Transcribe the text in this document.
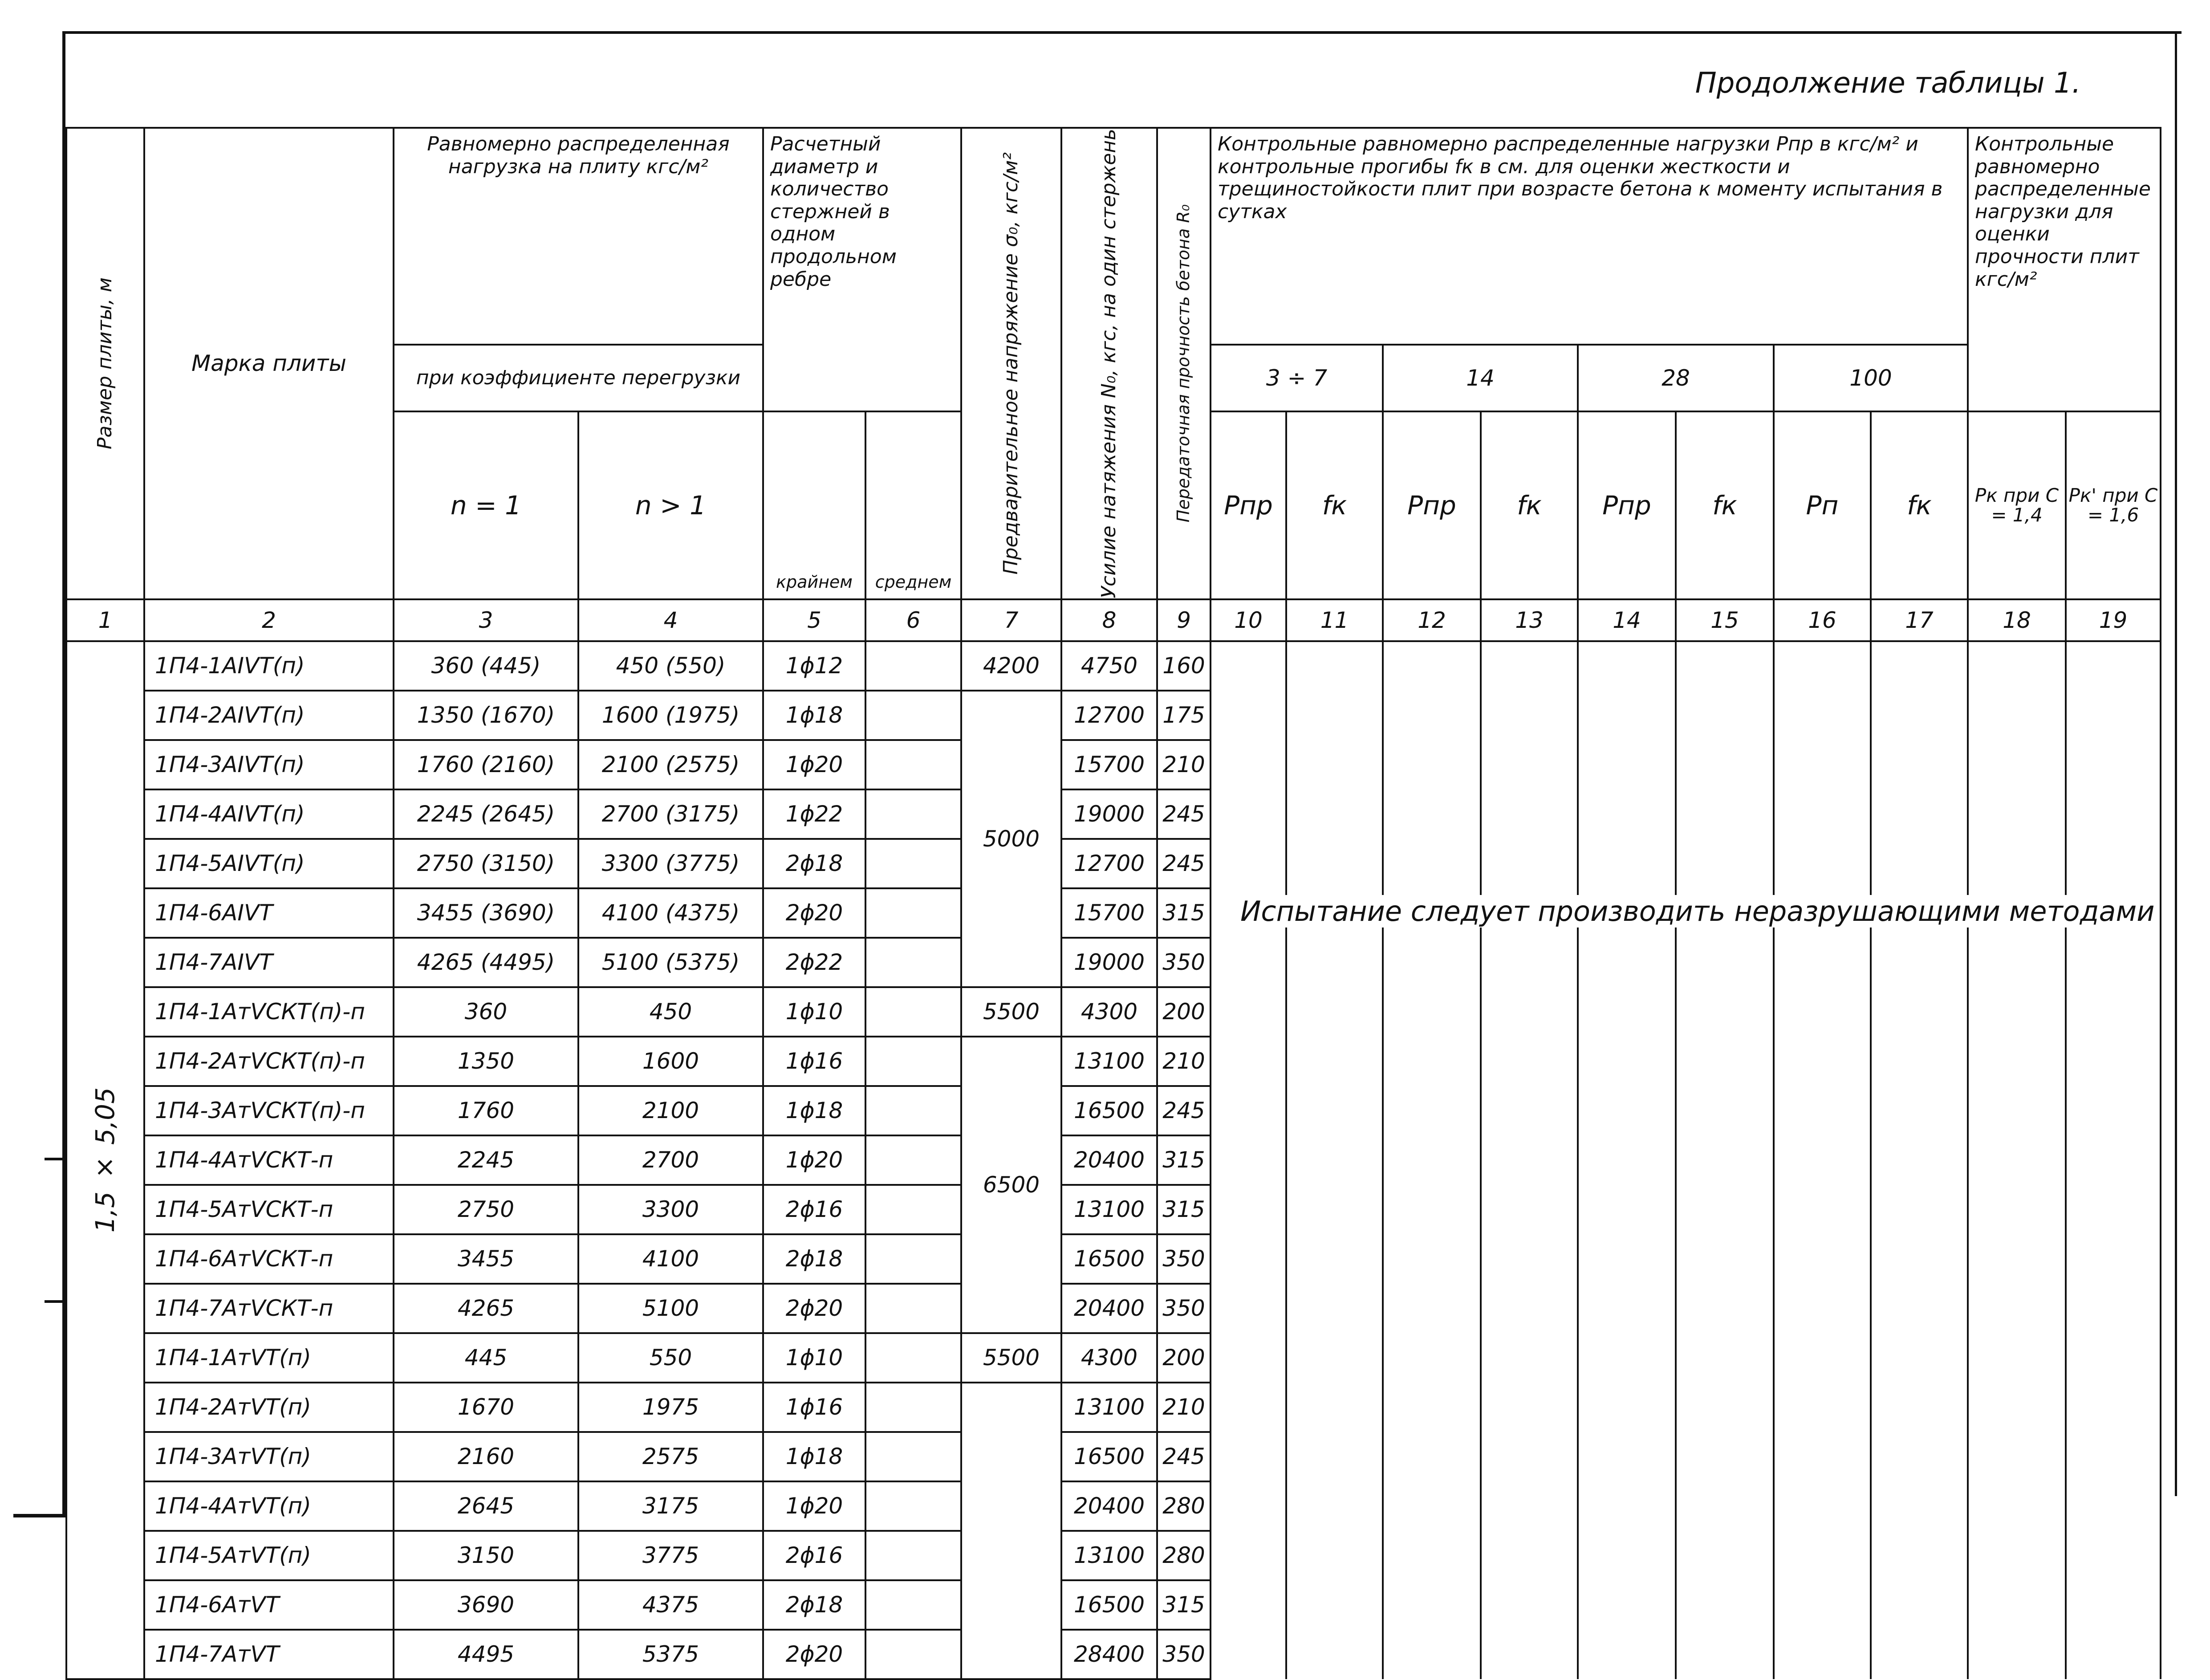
Продолжение таблицы 1.
Размер плиты, м	Марка плиты	Равномерно распределенная нагрузка на плиту кгс/м²		Расчетный диаметр и количество стержней в одном продольном ребре		Предварительное напряжение σ₀, кгс/м²	Усилие натяжения N₀, кгс, на один стержень	Передаточная прочность бетона R₀	Контрольные равномерно распределенные нагрузки Pпр в кгс/м² и контрольные прогибы fк в см. для оценки жесткости и трещиностойкости плит при возрасте бетона к моменту испытания в сутках								Контрольные равномерно распределенные нагрузки для оценки прочности плит кгс/м²	
		при коэффициенте перегрузки							3 ÷ 7		14		28		100			
		n = 1	n > 1	крайнем	среднем				Pпр	fк	Pпр	fк	Pпр	fк	Pп	fк	Pк при C = 1,4	Pк' при C = 1,6
1	2	3	4	5	6	7	8	9	10	11	12	13	14	15	16	17	18	19

1,5 × 5,05	1П4-1АIVТ(п)	360 (445)	450 (550)	1ϕ12		4200	4750	160										
	1П4-2АIVТ(п)	1350 (1670)	1600 (1975)	1ϕ18		5000	12700	175										
	1П4-3АIVТ(п)	1760 (2160)	2100 (2575)	1ϕ20			15700	210										
	1П4-4АIVТ(п)	2245 (2645)	2700 (3175)	1ϕ22			19000	245										
	1П4-5АIVТ(п)	2750 (3150)	3300 (3775)	2ϕ18			12700	245										
	1П4-6АIVТ	3455 (3690)	4100 (4375)	2ϕ20			15700	315										
	1П4-7АIVТ	4265 (4495)	5100 (5375)	2ϕ22			19000	350										
	1П4-1АтVСКТ(п)-п	360	450	1ϕ10		5500	4300	200										
	1П4-2АтVСКТ(п)-п	1350	1600	1ϕ16		6500	13100	210										
	1П4-3АтVСКТ(п)-п	1760	2100	1ϕ18			16500	245										
	1П4-4АтVСКТ-п	2245	2700	1ϕ20			20400	315										
	1П4-5АтVСКТ-п	2750	3300	2ϕ16			13100	315										
	1П4-6АтVСКТ-п	3455	4100	2ϕ18			16500	350										
	1П4-7АтVСКТ-п	4265	5100	2ϕ20			20400	350										
	1П4-1АтVТ(п)	445	550	1ϕ10		5500	4300	200										
	1П4-2АтVТ(п)	1670	1975	1ϕ16			13100	210										
	1П4-3АтVТ(п)	2160	2575	1ϕ18			16500	245										
	1П4-4АтVТ(п)	2645	3175	1ϕ20			20400	280										
	1П4-5АтVТ(п)	3150	3775	2ϕ16			13100	280										
	1П4-6АтVТ	3690	4375	2ϕ18			16500	315										
	1П4-7АтVТ	4495	5375	2ϕ20			28400	350										
Испытание следует производить неразрушающими методами
